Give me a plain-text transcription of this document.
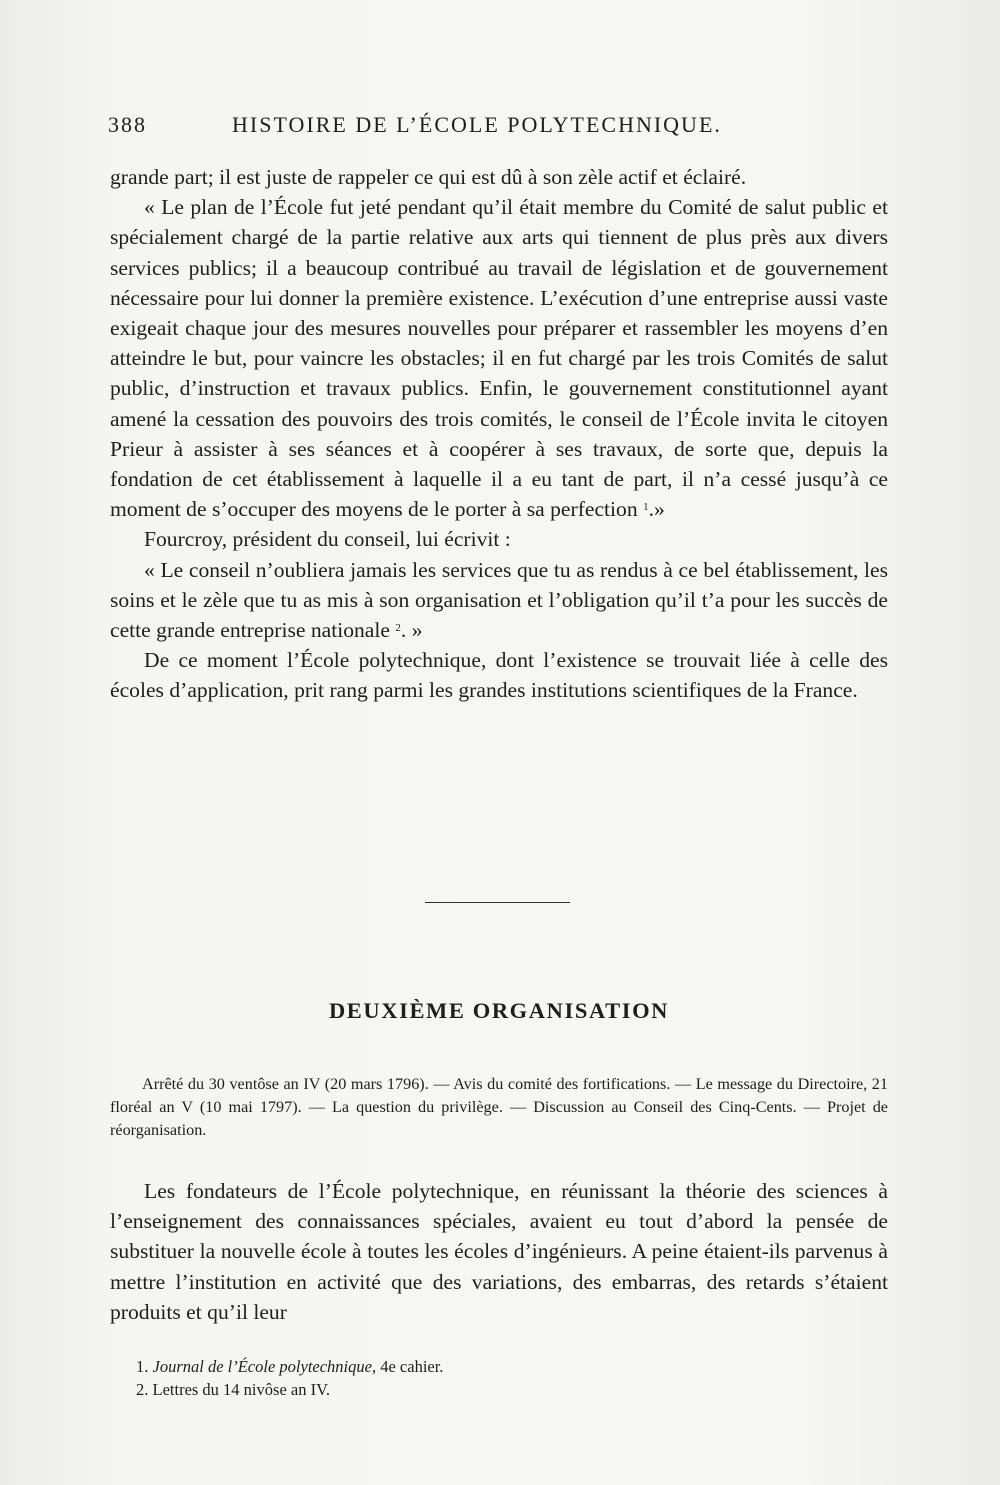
388	HISTOIRE DE L’ÉCOLE POLYTECHNIQUE.

grande part; il est juste de rappeler ce qui est dû à son zèle actif et éclairé.

« Le plan de l’École fut jeté pendant qu’il était membre du Comité de salut public et spécialement chargé de la partie relative aux arts qui tiennent de plus près aux divers services publics; il a beaucoup contribué au travail de législation et de gouvernement nécessaire pour lui donner la première existence. L’exécution d’une entreprise aussi vaste exigeait chaque jour des mesures nouvelles pour préparer et rassembler les moyens d’en atteindre le but, pour vaincre les obstacles; il en fut chargé par les trois Comités de salut public, d’instruction et travaux publics. Enfin, le gouvernement constitutionnel ayant amené la cessation des pouvoirs des trois comités, le conseil de l’École invita le citoyen Prieur à assister à ses séances et à coopérer à ses travaux, de sorte que, depuis la fondation de cet établissement à laquelle il a eu tant de part, il n’a cessé jusqu’à ce moment de s’occuper des moyens de le porter à sa perfection $^1$.»

Fourcroy, président du conseil, lui écrivit :

« Le conseil n’oubliera jamais les services que tu as rendus à ce bel établissement, les soins et le zèle que tu as mis à son organisation et l’obligation qu’il t’a pour les succès de cette grande entreprise nationale $^2$. »

De ce moment l’École polytechnique, dont l’existence se trouvait liée à celle des écoles d’application, prit rang parmi les grandes institutions scientifiques de la France.

DEUXIÈME ORGANISATION
Arrêté du 30 ventôse an IV (20 mars 1796). — Avis du comité des fortifications. — Le message du Directoire, 21 floréal an V (10 mai 1797). — La question du privilège. — Discussion au Conseil des Cinq-Cents. — Projet de réorganisation.
Les fondateurs de l’École polytechnique, en réunissant la théorie des sciences à l’enseignement des connaissances spéciales, avaient eu tout d’abord la pensée de substituer la nouvelle école à toutes les écoles d’ingénieurs. A peine étaient-ils parvenus à mettre l’institution en activité que des variations, des embarras, des retards s’étaient produits et qu’il leur

1. Journal de l’École polytechnique, 4e cahier.

2. Lettres du 14 nivôse an IV.
